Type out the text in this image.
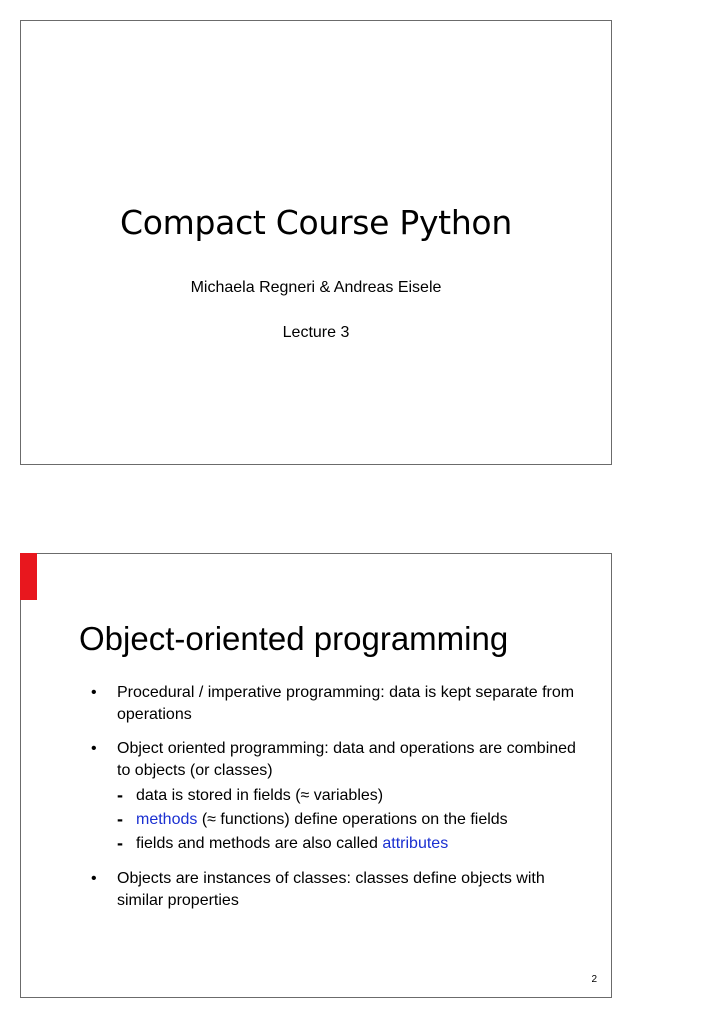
Compact Course Python
Michaela Regneri & Andreas Eisele
Lecture 3
Object-oriented programming
• Procedural / imperative programming: data is kept separate from operations
• Object oriented programming: data and operations are combined to objects (or classes)
- data is stored in fields (≈ variables)
- methods (≈ functions) define operations on the fields
- fields and methods are also called attributes
• Objects are instances of classes: classes define objects with similar properties
2
